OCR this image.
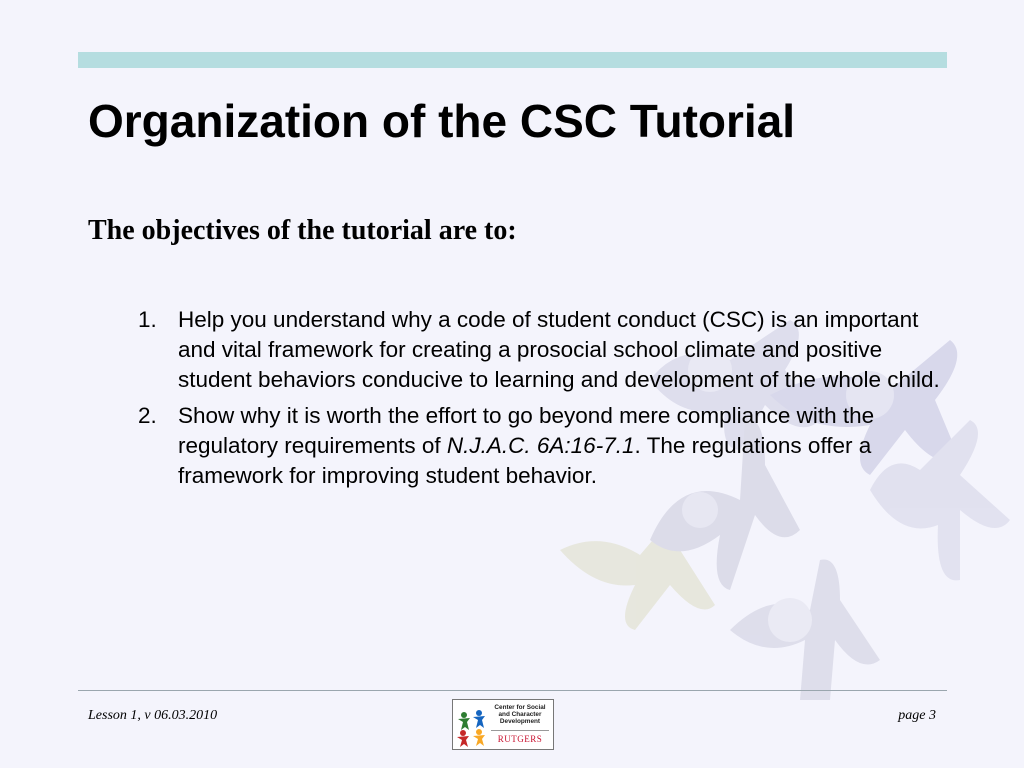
Organization of the CSC Tutorial
The objectives of the tutorial are to:
1. Help you understand why a code of student conduct (CSC) is an important and vital framework for creating a prosocial school climate and positive student behaviors conducive to learning and development of the whole child.
2. Show why it is worth the effort to go beyond mere compliance with the regulatory requirements of N.J.A.C. 6A:16-7.1. The regulations offer a framework for improving student behavior.
Lesson 1, v 06.03.2010
Center for Social
and Character
Development
RUTGERS
page 3
